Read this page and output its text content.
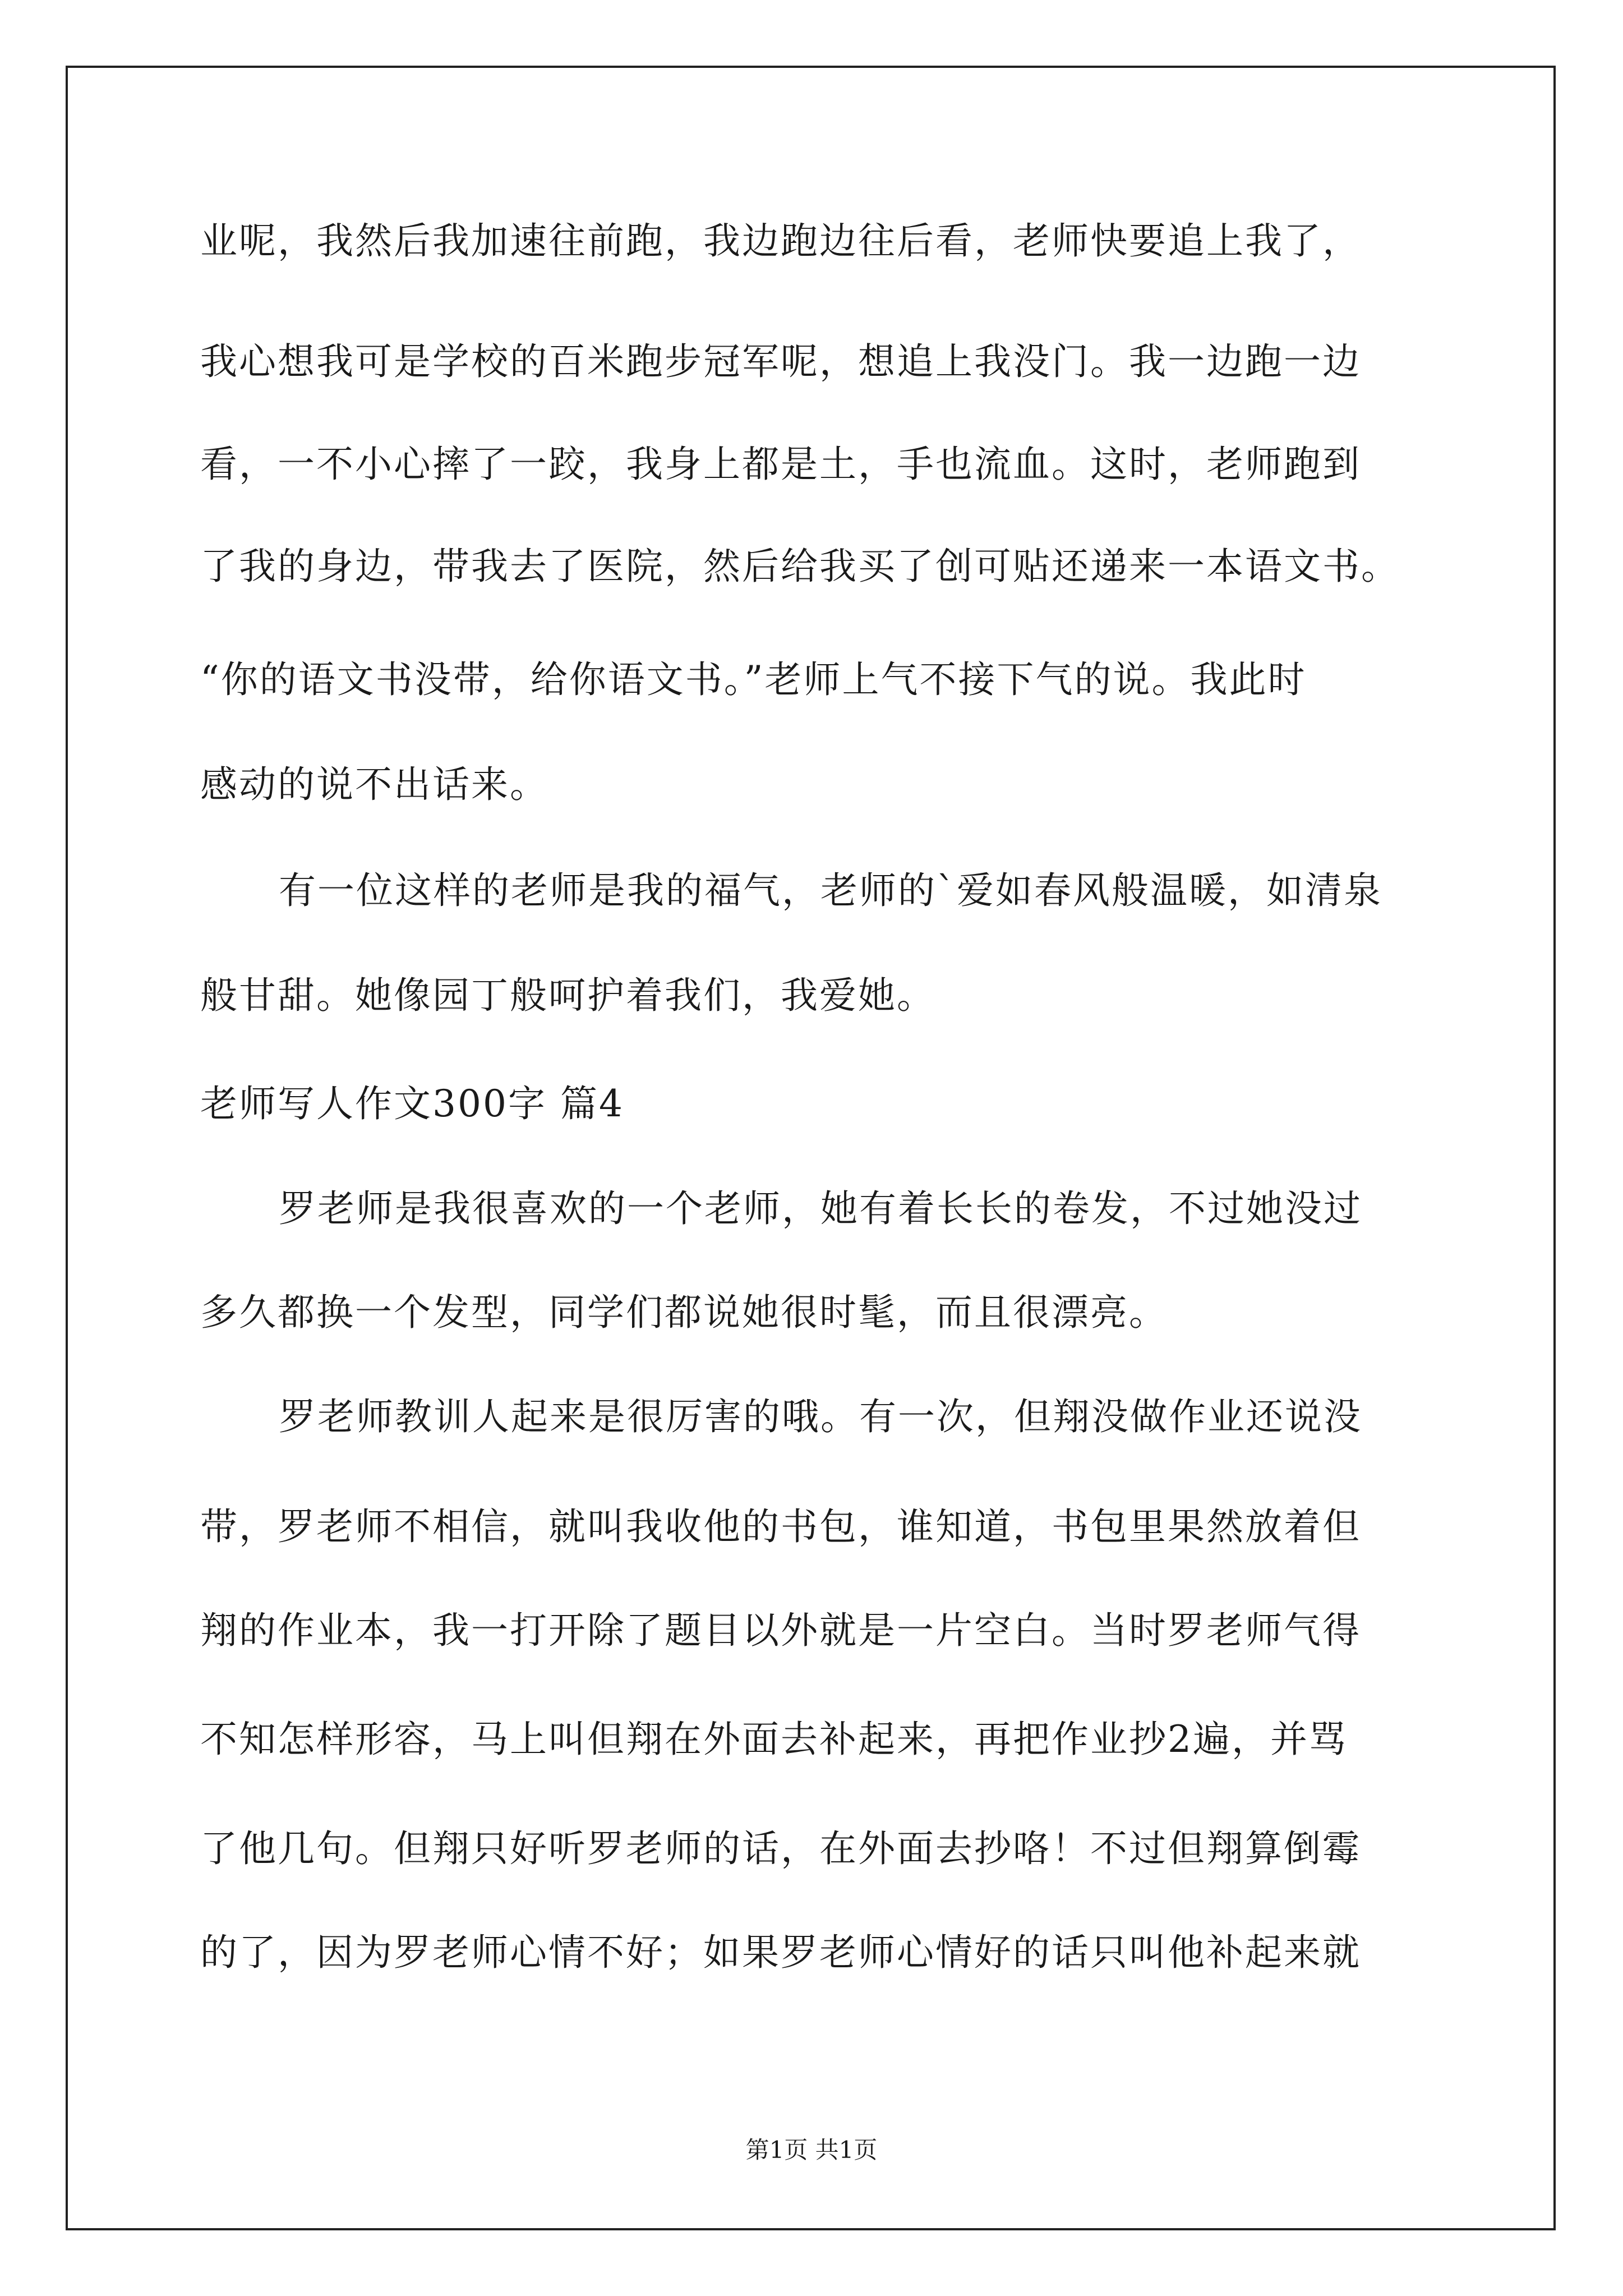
业呢，我然后我加速往前跑，我边跑边往后看，老师快要追上我了，
我心想我可是学校的百米跑步冠军呢，想追上我没门。我一边跑一边
看，一不小心摔了一跤，我身上都是土，手也流血。这时，老师跑到
了我的身边，带我去了医院，然后给我买了创可贴还递来一本语文书。
“你的语文书没带，给你语文书。”老师上气不接下气的说。我此时
感动的说不出话来。
有一位这样的老师是我的福气，老师的`爱如春风般温暖，如清泉
般甘甜。她像园丁般呵护着我们，我爱她。
老师写人作文300字 篇4
罗老师是我很喜欢的一个老师，她有着长长的卷发，不过她没过
多久都换一个发型，同学们都说她很时髦，而且很漂亮。
罗老师教训人起来是很厉害的哦。有一次，但翔没做作业还说没
带，罗老师不相信，就叫我收他的书包，谁知道，书包里果然放着但
翔的作业本，我一打开除了题目以外就是一片空白。当时罗老师气得
不知怎样形容，马上叫但翔在外面去补起来，再把作业抄2遍，并骂
了他几句。但翔只好听罗老师的话，在外面去抄咯！不过但翔算倒霉
的了，因为罗老师心情不好；如果罗老师心情好的话只叫他补起来就
第1页 共1页
